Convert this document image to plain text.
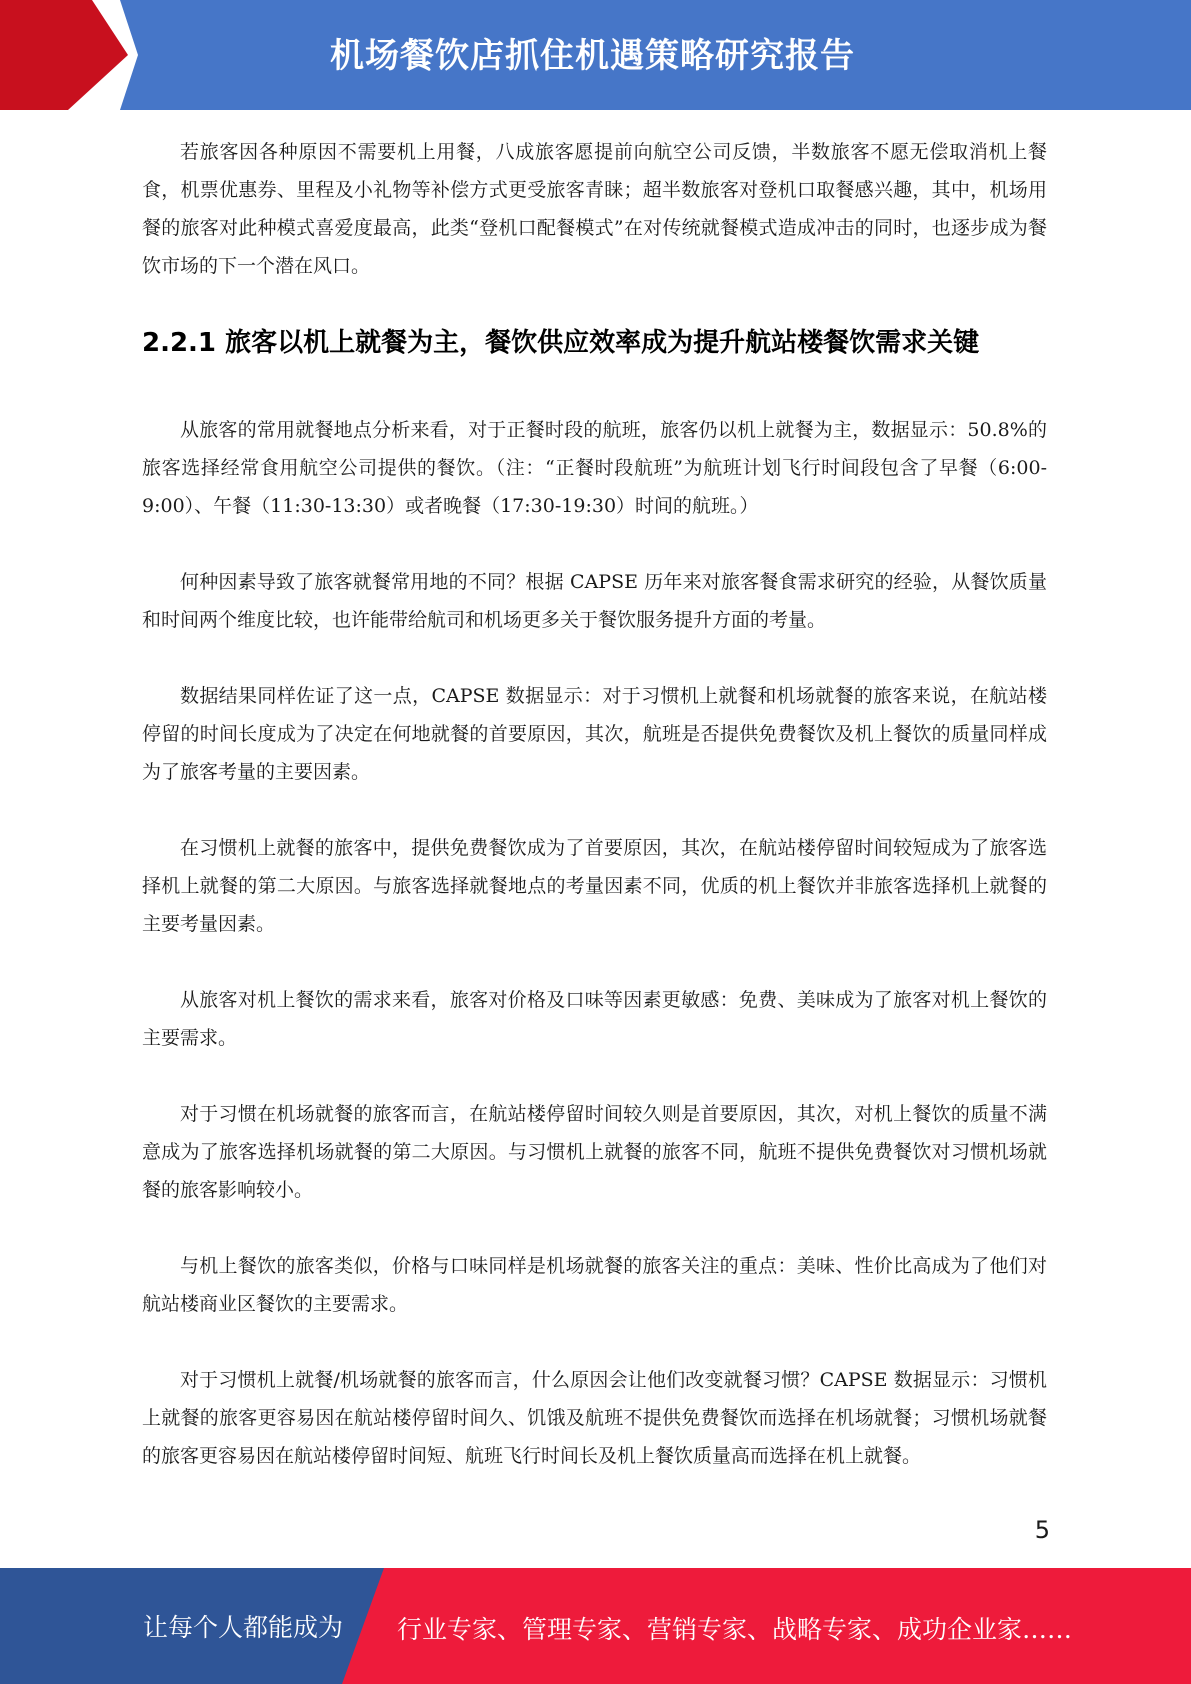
机场餐饮店抓住机遇策略研究报告

若旅客因各种原因不需要机上用餐，八成旅客愿提前向航空公司反馈，半数旅客不愿无偿取消机上餐食，机票优惠券、里程及小礼物等补偿方式更受旅客青睐；超半数旅客对登机口取餐感兴趣，其中，机场用餐的旅客对此种模式喜爱度最高，此类“登机口配餐模式”在对传统就餐模式造成冲击的同时，也逐步成为餐饮市场的下一个潜在风口。

2.2.1 旅客以机上就餐为主，餐饮供应效率成为提升航站楼餐饮需求关键

从旅客的常用就餐地点分析来看，对于正餐时段的航班，旅客仍以机上就餐为主，数据显示：50.8%的旅客选择经常食用航空公司提供的餐饮。（注：“正餐时段航班”为航班计划飞行时间段包含了早餐（6:00-9:00）、午餐（11:30-13:30）或者晚餐（17:30-19:30）时间的航班。）

何种因素导致了旅客就餐常用地的不同？根据 CAPSE 历年来对旅客餐食需求研究的经验，从餐饮质量和时间两个维度比较，也许能带给航司和机场更多关于餐饮服务提升方面的考量。

数据结果同样佐证了这一点，CAPSE 数据显示：对于习惯机上就餐和机场就餐的旅客来说，在航站楼停留的时间长度成为了决定在何地就餐的首要原因，其次，航班是否提供免费餐饮及机上餐饮的质量同样成为了旅客考量的主要因素。

在习惯机上就餐的旅客中，提供免费餐饮成为了首要原因，其次，在航站楼停留时间较短成为了旅客选择机上就餐的第二大原因。与旅客选择就餐地点的考量因素不同，优质的机上餐饮并非旅客选择机上就餐的主要考量因素。

从旅客对机上餐饮的需求来看，旅客对价格及口味等因素更敏感：免费、美味成为了旅客对机上餐饮的主要需求。

对于习惯在机场就餐的旅客而言，在航站楼停留时间较久则是首要原因，其次，对机上餐饮的质量不满意成为了旅客选择机场就餐的第二大原因。与习惯机上就餐的旅客不同，航班不提供免费餐饮对习惯机场就餐的旅客影响较小。

与机上餐饮的旅客类似，价格与口味同样是机场就餐的旅客关注的重点：美味、性价比高成为了他们对航站楼商业区餐饮的主要需求。

对于习惯机上就餐/机场就餐的旅客而言，什么原因会让他们改变就餐习惯？CAPSE 数据显示：习惯机上就餐的旅客更容易因在航站楼停留时间久、饥饿及航班不提供免费餐饮而选择在机场就餐；习惯机场就餐的旅客更容易因在航站楼停留时间短、航班飞行时间长及机上餐饮质量高而选择在机上就餐。

5
让每个人都能成为 行业专家、管理专家、营销专家、战略专家、成功企业家……
